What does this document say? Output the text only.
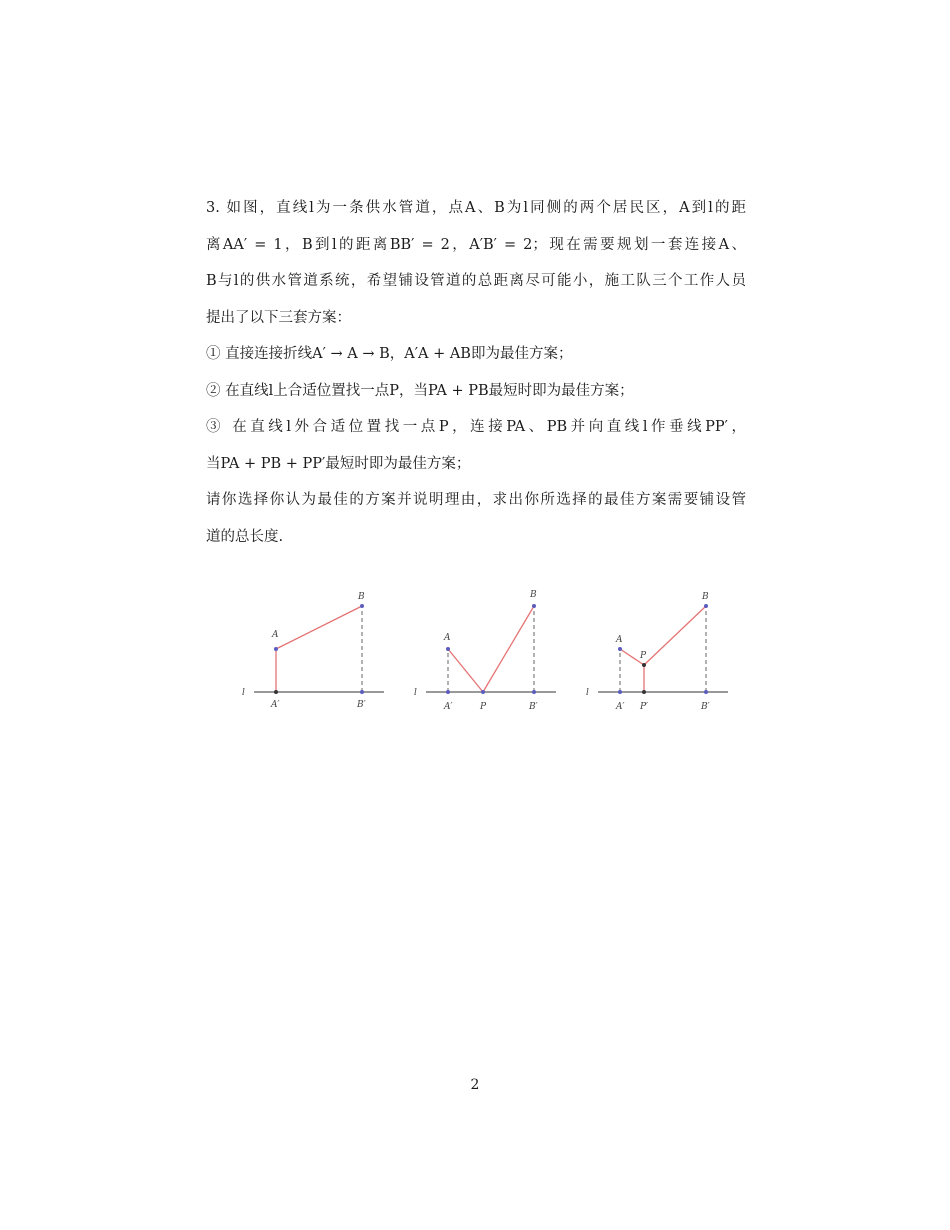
3. 如图，直线l为一条供水管道，点A、B为l同侧的两个居民区，A到l的距

离AA′ = 1，B到l的距离BB′ = 2，A′B′ = 2；现在需要规划一套连接A、

B与l的供水管道系统，希望铺设管道的总距离尽可能小，施工队三个工作人员

提出了以下三套方案：

① 直接连接折线A′ → A → B，A′A + AB即为最佳方案；

② 在直线l上合适位置找一点P，当PA + PB最短时即为最佳方案；

③ 在直线l外合适位置找一点P，连接PA、PB并向直线l作垂线PP′，

当PA + PB + PP′最短时即为最佳方案；

请你选择你认为最佳的方案并说明理由，求出你所选择的最佳方案需要铺设管

道的总长度.

l
A
B
A′	B′
l
A
B
A′	P	B′
l
A
B
P
A′ P′	B′
2
